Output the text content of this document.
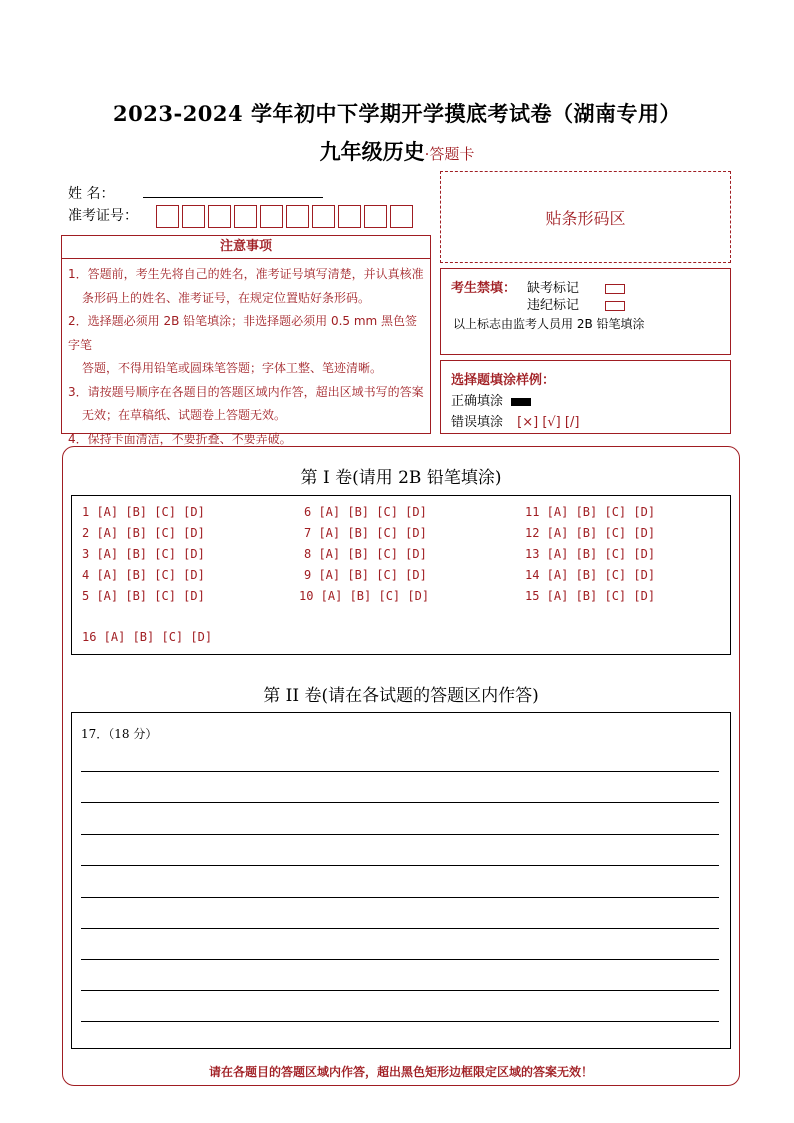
2023-2024 学年初中下学期开学摸底考试卷（湖南专用）
九年级历史·答题卡
姓 名：
准考证号：	贴条形码区
注意事项

1．答题前，考生先将自己的姓名，准考证号填写清楚，并认真核准

条形码上的姓名、准考证号，在规定位置贴好条形码。

2．选择题必须用 2B 铅笔填涂；非选择题必须用 0.5 mm 黑色签字笔

答题，不得用铅笔或圆珠笔答题；字体工整、笔迹清晰。

3．请按题号顺序在各题目的答题区域内作答，超出区域书写的答案

无效；在草稿纸、试题卷上答题无效。

4．保持卡面清洁，不要折叠、不要弄破。

考生禁填： 缺考标记
违纪标记
以上标志由监考人员用 2B 铅笔填涂
选择题填涂样例：
正确填涂
错误填涂 [×] [√] [/]
第 I 卷(请用 2B 铅笔填涂)
1 [A] [B] [C] [D]
2 [A] [B] [C] [D]
3 [A] [B] [C] [D]
4 [A] [B] [C] [D]
5 [A] [B] [C] [D]
6 [A] [B] [C] [D]
7 [A] [B] [C] [D]
8 [A] [B] [C] [D]
9 [A] [B] [C] [D]
10 [A] [B] [C] [D]
11 [A] [B] [C] [D]
12 [A] [B] [C] [D]
13 [A] [B] [C] [D]
14 [A] [B] [C] [D]
15 [A] [B] [C] [D]
16 [A] [B] [C] [D]
第 II 卷(请在各试题的答题区内作答)
17．（18 分）
请在各题目的答题区域内作答，超出黑色矩形边框限定区域的答案无效！
